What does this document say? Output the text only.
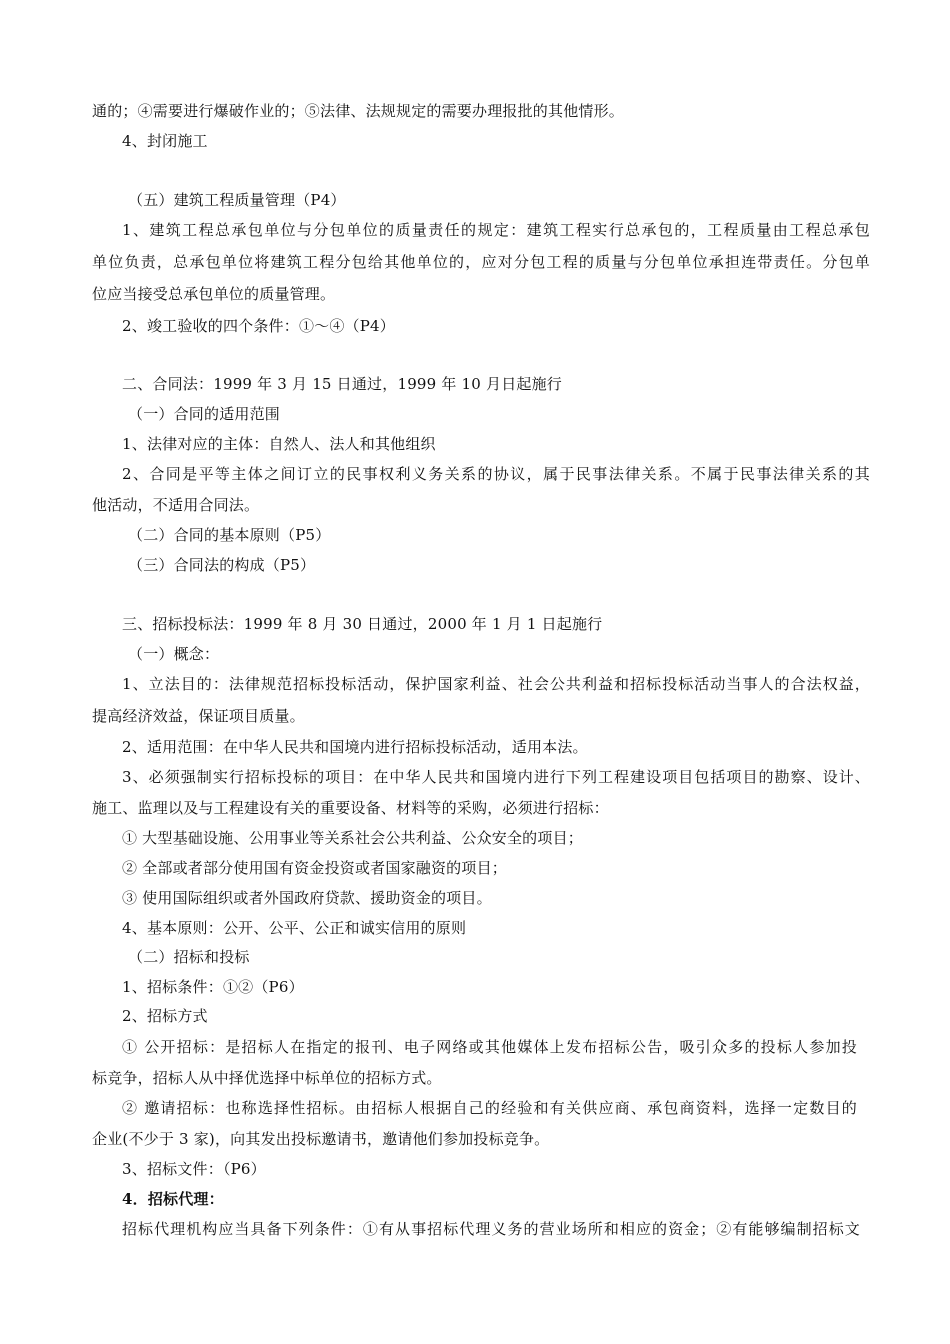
通的；④需要进行爆破作业的；⑤法律、法规规定的需要办理报批的其他情形。
4、封闭施工
（五）建筑工程质量管理（P4）
1、建筑工程总承包单位与分包单位的质量责任的规定：建筑工程实行总承包的，工程质量由工程总承包
单位负责，总承包单位将建筑工程分包给其他单位的，应对分包工程的质量与分包单位承担连带责任。分包单
位应当接受总承包单位的质量管理。
2、竣工验收的四个条件：①～④（P4）
二、合同法：1999 年 3 月 15 日通过，1999 年 10 月日起施行
（一）合同的适用范围
1、法律对应的主体：自然人、法人和其他组织
2、合同是平等主体之间订立的民事权利义务关系的协议，属于民事法律关系。不属于民事法律关系的其
他活动，不适用合同法。
（二）合同的基本原则（P5）
（三）合同法的构成（P5）
三、招标投标法：1999 年 8 月 30 日通过，2000 年 1 月 1 日起施行
（一）概念：
1、立法目的：法律规范招标投标活动，保护国家利益、社会公共利益和招标投标活动当事人的合法权益，
提高经济效益，保证项目质量。
2、适用范围：在中华人民共和国境内进行招标投标活动，适用本法。
3、必须强制实行招标投标的项目：在中华人民共和国境内进行下列工程建设项目包括项目的勘察、设计、
施工、监理以及与工程建设有关的重要设备、材料等的采购，必须进行招标：
① 大型基础设施、公用事业等关系社会公共利益、公众安全的项目；
② 全部或者部分使用国有资金投资或者国家融资的项目；
③ 使用国际组织或者外国政府贷款、援助资金的项目。
4、基本原则：公开、公平、公正和诚实信用的原则
（二）招标和投标
1、招标条件：①②（P6）
2、招标方式
① 公开招标：是招标人在指定的报刊、电子网络或其他媒体上发布招标公告，吸引众多的投标人参加投
标竞争，招标人从中择优选择中标单位的招标方式。
② 邀请招标：也称选择性招标。由招标人根据自己的经验和有关供应商、承包商资料，选择一定数目的
企业(不少于 3 家)，向其发出投标邀请书，邀请他们参加投标竞争。
3、招标文件：（P6）
4．招标代理：
招标代理机构应当具备下列条件：①有从事招标代理义务的营业场所和相应的资金；②有能够编制招标文
